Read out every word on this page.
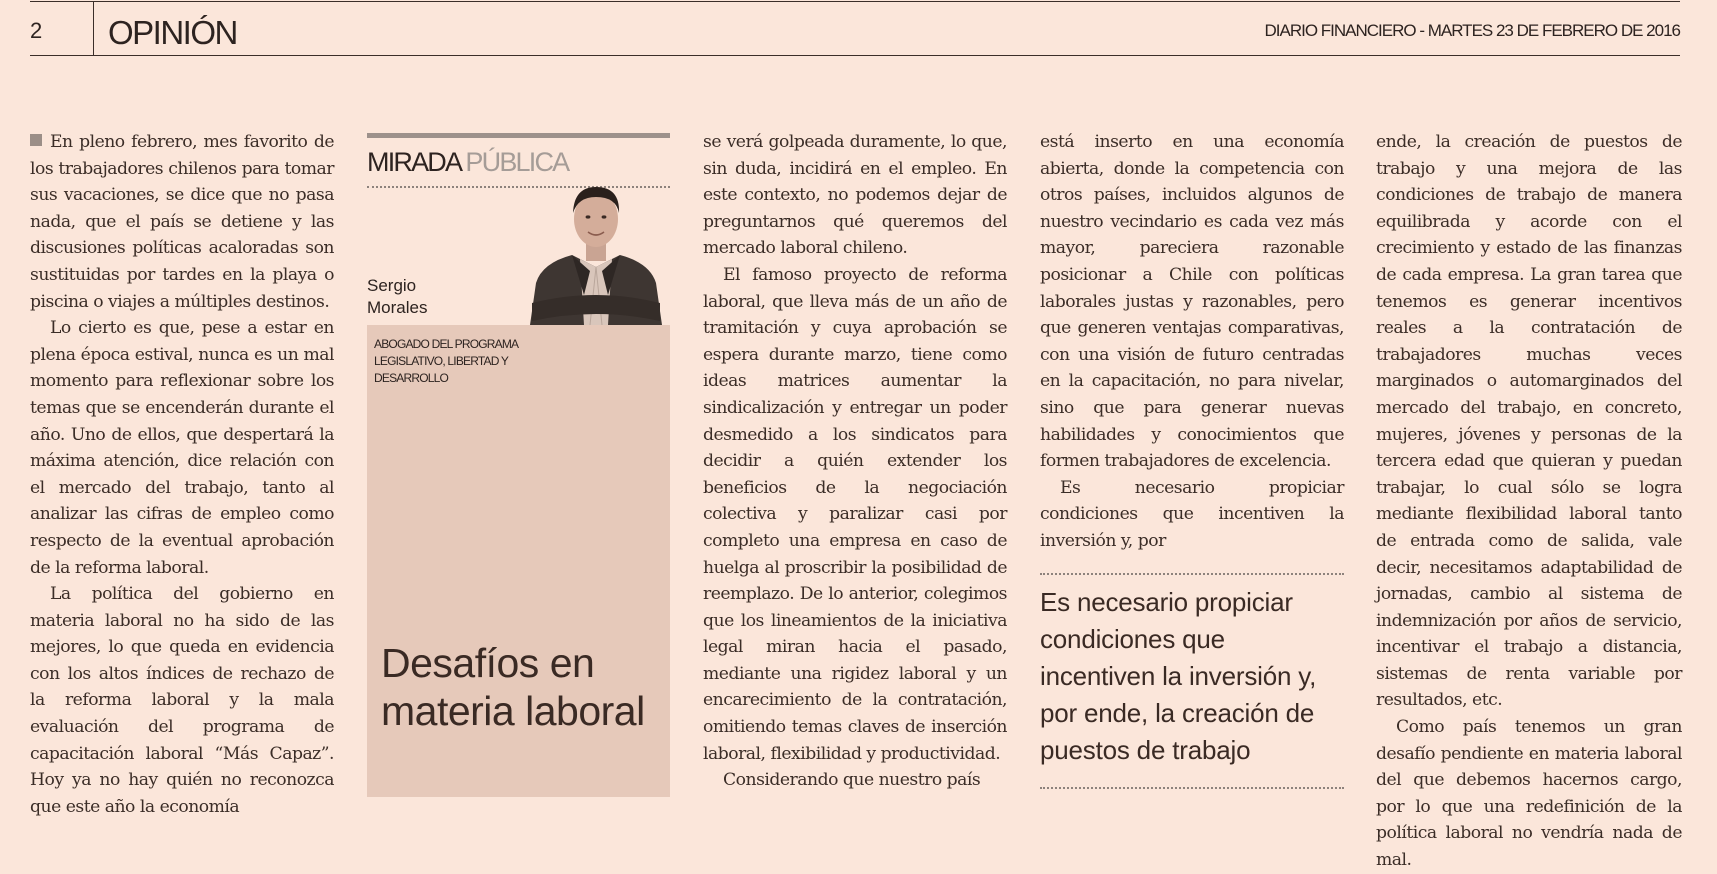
2 OPINIÓN	DIARIO FINANCIERO - MARTES 23 DE FEBRERO DE 2016

En pleno febrero, mes favorito de los trabajadores chilenos para tomar sus vacaciones, se dice que no pasa nada, que el país se detiene y las discusiones políticas acaloradas son sustituidas por tardes en la playa o piscina o viajes a múltiples destinos.

Lo cierto es que, pese a estar en plena época estival, nunca es un mal momento para reflexionar sobre los temas que se encenderán durante el año. Uno de ellos, que despertará la máxima atención, dice relación con el mercado del trabajo, tanto al analizar las cifras de empleo como respecto de la eventual aprobación de la reforma laboral.

La política del gobierno en materia laboral no ha sido de las mejores, lo que queda en evidencia con los altos índices de rechazo de la reforma laboral y la mala evaluación del programa de capacitación laboral “Más Capaz”. Hoy ya no hay quién no reconozca que este año la economía

MIRADA PÚBLICA
Sergio
Morales
ABOGADO DEL PROGRAMA LEGISLATIVO, LIBERTAD Y DESARROLLO
Desafíos en materia laboral

se verá golpeada duramente, lo que, sin duda, incidirá en el empleo. En este contexto, no podemos dejar de preguntarnos qué queremos del mercado laboral chileno.

El famoso proyecto de reforma laboral, que lleva más de un año de tramitación y cuya aprobación se espera durante marzo, tiene como ideas matrices aumentar la sindicalización y entregar un poder desmedido a los sindicatos para decidir a quién extender los beneficios de la negociación colectiva y paralizar casi por completo una empresa en caso de huelga al proscribir la posibilidad de reemplazo. De lo anterior, colegimos que los lineamientos de la iniciativa legal miran hacia el pasado, mediante una rigidez laboral y un encarecimiento de la contratación, omitiendo temas claves de inserción laboral, flexibilidad y productividad.

Considerando que nuestro país

está inserto en una economía abierta, donde la competencia con otros países, incluidos algunos de nuestro vecindario es cada vez más mayor, pareciera razonable posicionar a Chile con políticas laborales justas y razonables, pero que generen ventajas comparativas, con una visión de futuro centradas en la capacitación, no para nivelar, sino que para generar nuevas habilidades y conocimientos que formen trabajadores de excelencia.

Es necesario propiciar condiciones que incentiven la inversión y, por

Es necesario propiciar condiciones que incentiven la inversión y, por ende, la creación de puestos de trabajo

ende, la creación de puestos de trabajo y una mejora de las condiciones de trabajo de manera equilibrada y acorde con el crecimiento y estado de las finanzas de cada empresa. La gran tarea que tenemos es generar incentivos reales a la contratación de trabajadores muchas veces marginados o automarginados del mercado del trabajo, en concreto, mujeres, jóvenes y personas de la tercera edad que quieran y puedan trabajar, lo cual sólo se logra mediante flexibilidad laboral tanto de entrada como de salida, vale decir, necesitamos adaptabilidad de jornadas, cambio al sistema de indemnización por años de servicio, incentivar el trabajo a distancia, sistemas de renta variable por resultados, etc.

Como país tenemos un gran desafío pendiente en materia laboral del que debemos hacernos cargo, por lo que una redefinición de la política laboral no vendría nada de mal.
